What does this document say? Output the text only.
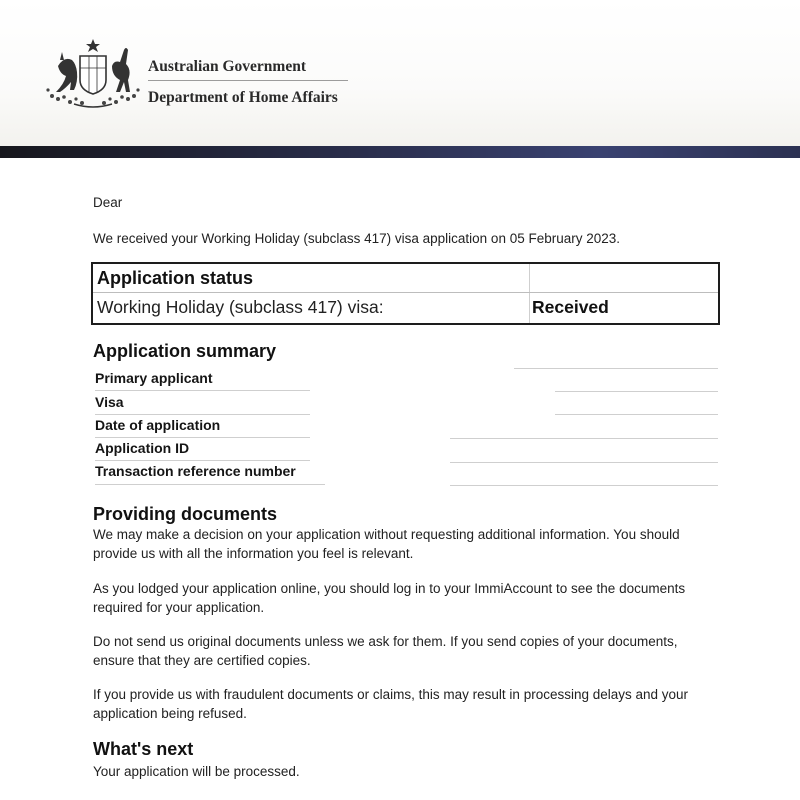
Australian Government
Department of Home Affairs
Dear
We received your Working Holiday (subclass 417) visa application on 05 February 2023.
Application status
Working Holiday (subclass 417) visa:	Received
Application summary
Primary applicant
Visa
Date of application
Application ID
Transaction reference number
Providing documents

We may make a decision on your application without requesting additional information. You should provide us with all the information you feel is relevant.

As you lodged your application online, you should log in to your ImmiAccount to see the documents required for your application.

Do not send us original documents unless we ask for them. If you send copies of your documents, ensure that they are certified copies.

If you provide us with fraudulent documents or claims, this may result in processing delays and your application being refused.

What's next

Your application will be processed.
